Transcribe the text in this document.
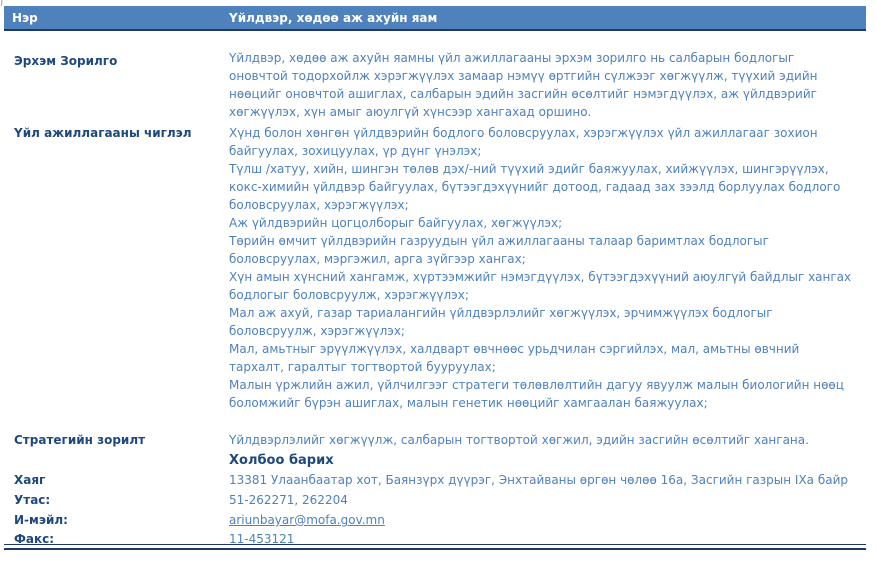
J
Нэр	Үйлдвэр, хөдөө аж ахуйн яам
Эрхэм Зорилго	Үйлдвэр, хөдөө аж ахуйн яамны үйл ажиллагааны эрхэм зорилго нь салбарын бодлогыг оновчтой тодорхойлж хэрэгжүүлэх замаар нэмүү өртгийн сүлжээг хөгжүүлж, түүхий эдийн нөөцийг оновчтой ашиглах, салбарын эдийн засгийн өсөлтийг нэмэгдүүлэх, аж үйлдвэрийг хөгжүүлэх, хүн амыг аюулгүй хүнсээр хангахад оршино.
Үйл ажиллагааны чиглэл	Хүнд болон хөнгөн үйлдвэрийн бодлого боловсруулах, хэрэгжүүлэх үйл ажиллагааг зохион байгуулах, зохицуулах, үр дүнг үнэлэх;
Түлш /хатуу, хийн, шингэн төлөв дэх/-ний түүхий эдийг баяжуулах, хийжүүлэх, шингэрүүлэх, кокс-химийн үйлдвэр байгуулах, бүтээгдэхүүнийг дотоод, гадаад зах зээлд борлуулах бодлого боловсруулах, хэрэгжүүлэх;
Аж үйлдвэрийн цогцолборыг байгуулах, хөгжүүлэх;
Төрийн өмчит үйлдвэрийн газруудын үйл ажиллагааны талаар баримтлах бодлогыг боловсруулах, мэргэжил, арга зүйгээр хангах;
Хүн амын хүнсний хангамж, хүртээмжийг нэмэгдүүлэх, бүтээгдэхүүний аюулгүй байдлыг хангах бодлогыг боловсруулж, хэрэгжүүлэх;
Мал аж ахуй, газар тариалангийн үйлдвэрлэлийг хөгжүүлэх, эрчимжүүлэх бодлогыг боловсруулж, хэрэгжүүлэх;
Мал, амьтныг эрүүлжүүлэх, халдварт өвчнөөс урьдчилан сэргийлэх, мал, амьтны өвчний тархалт, гаралтыг тогтвортой бууруулах;
Малын үржлийн ажил, үйлчилгээг стратеги төлөвлөлтийн дагуу явуулж малын биологийн нөөц боломжийг бүрэн ашиглах, малын генетик нөөцийг хамгаалан баяжуулах;
Стратегийн зорилт	Үйлдвэрлэлийг хөгжүүлж, салбарын тогтвортой хөгжил, эдийн засгийн өсөлтийг хангана.
Холбоо барих
Хаяг	13381 Улаанбаатар хот, Баянзүрх дүүрэг, Энхтайваны өргөн чөлөө 16а, Засгийн газрын IXа байр
Утас:	51-262271, 262204
И-мэйл:	ariunbayar@mofa.gov.mn
Факс:	11-453121
